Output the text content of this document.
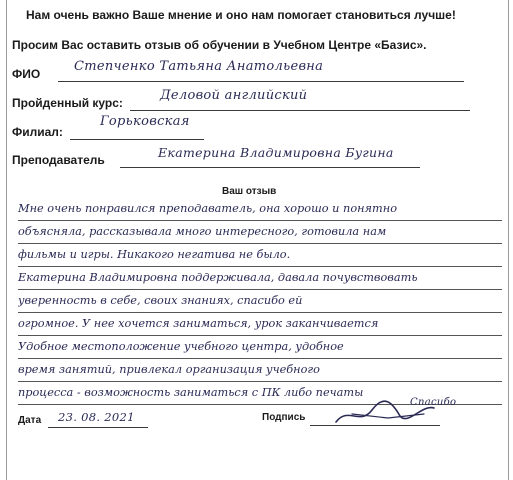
Нам очень важно Ваше мнение и оно нам помогает становиться лучше!
Просим Вас оставить отзыв об обучении в Учебном Центре «Базис».
ФИО	Степченко Татьяна Анатольевна
Пройденный курс:	Деловой английский
Филиал:
Горьковская
Преподаватель	Екатерина Владимировна Бугина
Ваш отзыв
Мне очень понравился преподаватель, она хорошо и понятно
объясняла, рассказывала много интересного, готовила нам
фильмы и игры. Никакого негатива не было.
Екатерина Владимировна поддерживала, давала почувствовать
уверенность в себе, своих знаниях, спасибо ей
огромное. У нее хочется заниматься, урок заканчивается
Удобное местоположение учебного центра, удобное
время занятий, привлекал организация учебного
процесса - возможность заниматься с ПК либо печаты
Спасибо
Дата 23. 08. 2021	Подпись
